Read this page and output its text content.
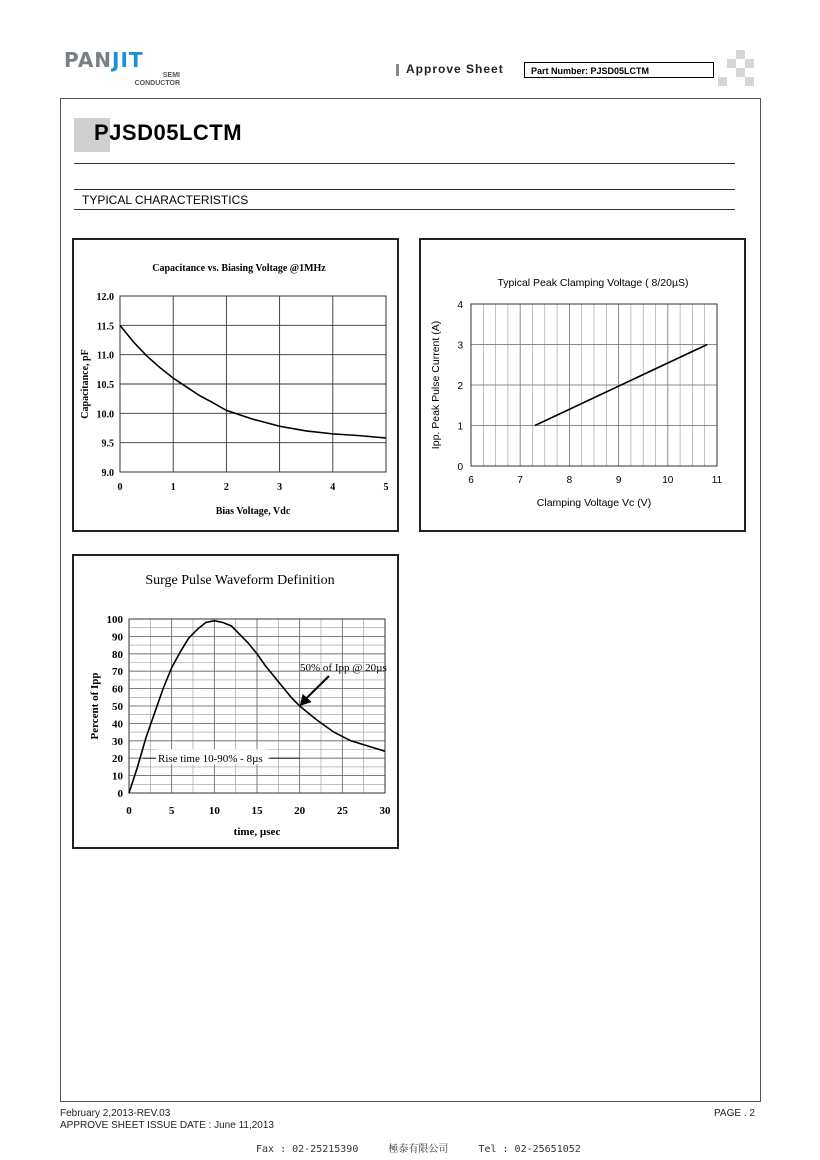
PANJIT
SEMI
CONDUCTOR
Approve Sheet	Part Number: PJSD05LCTM
PJSD05LCTM
TYPICAL CHARACTERISTICS
Capacitance vs. Biasing Voltage @1MHz
0	1	2	3	4	5
12.0
11.5
11.0
10.5
10.0
9.5
9.0
Bias Voltage, Vdc
Capacitance, pF
Typical Peak Clamping Voltage ( 8/20µS)
6	7	8	9	10	11
4
3
2
1
0
Clamping Voltage Vc (V)
Ipp. Peak Pulse Current (A)
Surge Pulse Waveform Definition
0	5	10	15	20	25	30
100
90
80
70
60
50
40
30
20
10
0
time, µsec
Percent of Ipp
50% of Ipp @ 20µs
Rise time 10-90% - 8µs
February 2,2013-REV.03
APPROVE SHEET ISSUE DATE : June 11,2013
PAGE . 2
Fax : 02-25215390	極泰有限公司	Tel : 02-25651052
